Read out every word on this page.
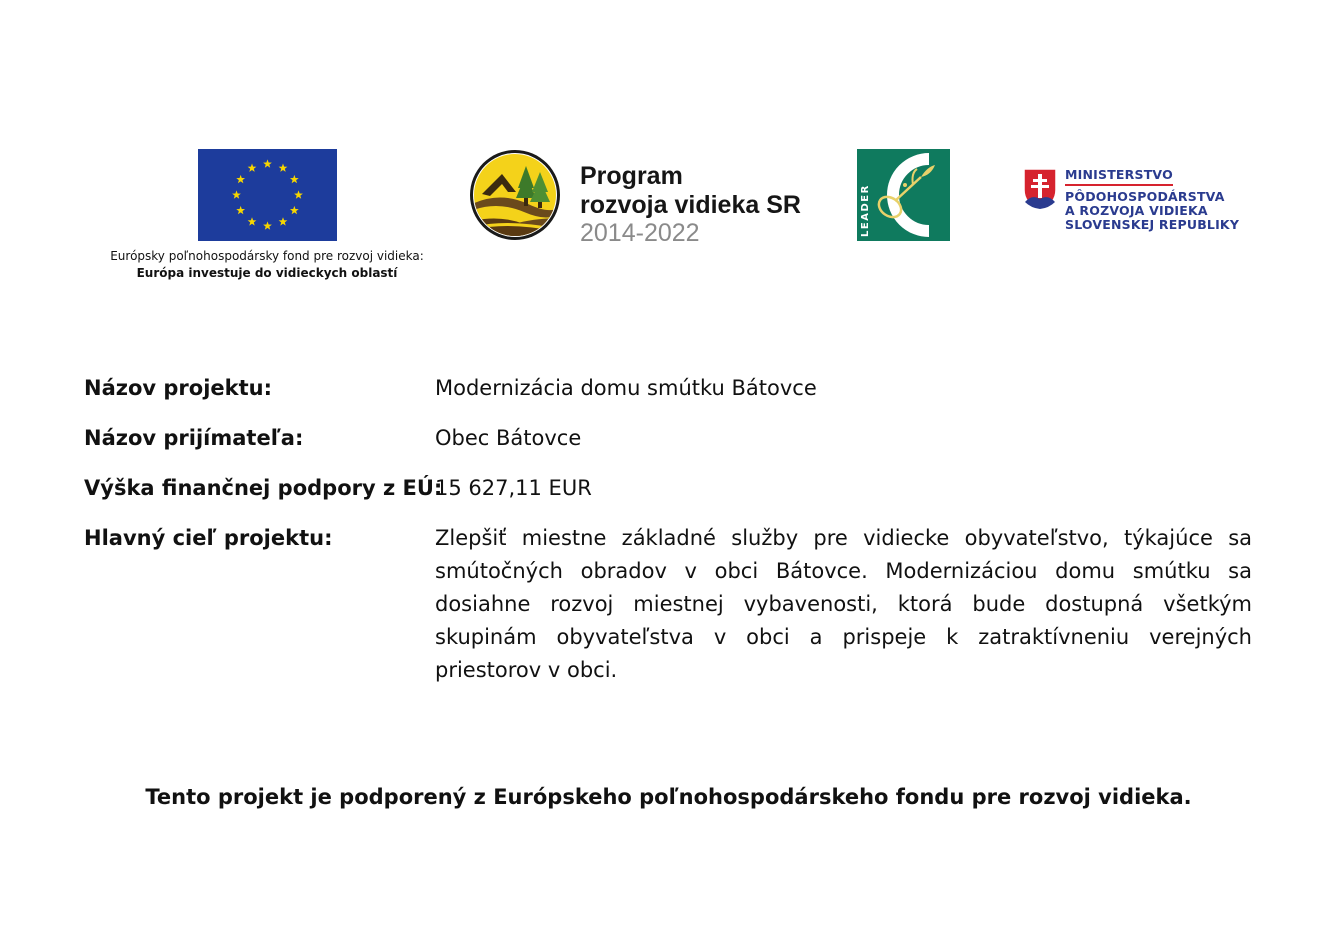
Európsky poľnohospodársky fond pre rozvoj vidieka:
Európa investuje do vidieckych oblastí
Program
rozvoja vidieka SR
2014-2022	LEADER
MINISTERSTVO
PÔDOHOSPODÁRSTVA
A ROZVOJA VIDIEKA
SLOVENSKEJ REPUBLIKY
Názov projektu:	Modernizácia domu smútku Bátovce
Názov prijímateľa:	Obec Bátovce
Výška finančnej podpory z EÚ:
15 627,11 EUR
Hlavný cieľ projektu:	Zlepšiť miestne základné služby pre vidiecke obyvateľstvo, týkajúce sa smútočných obradov v obci Bátovce. Modernizáciou domu smútku sa dosiahne rozvoj miestnej vybavenosti, ktorá bude dostupná všetkým skupinám obyvateľstva v obci a prispeje k zatraktívneniu verejných priestorov v obci.
Tento projekt je podporený z Európskeho poľnohospodárskeho fondu pre rozvoj vidieka.
